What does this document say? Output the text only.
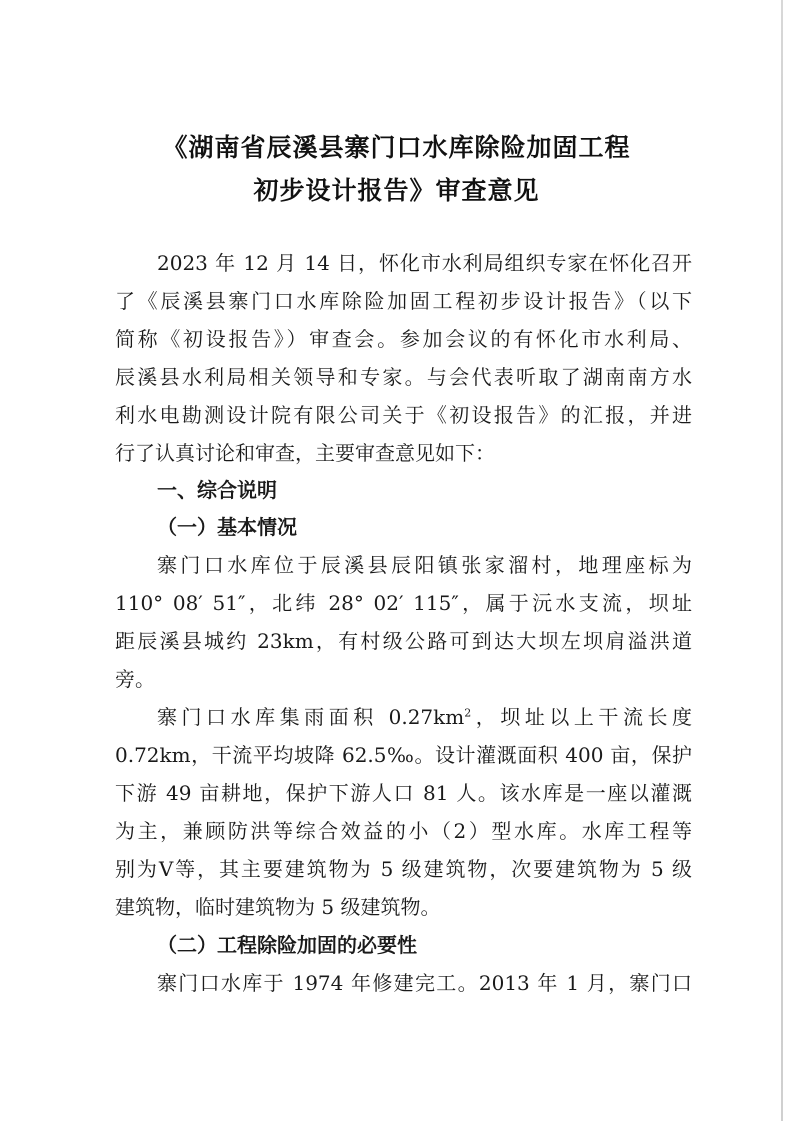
《湖南省辰溪县寨门口水库除险加固工程
初步设计报告》审查意见
2023 年 12 月 14 日，怀化市水利局组织专家在怀化召开
了《辰溪县寨门口水库除险加固工程初步设计报告》（以下
简称《初设报告》）审查会。参加会议的有怀化市水利局、
辰溪县水利局相关领导和专家。与会代表听取了湖南南方水
利水电勘测设计院有限公司关于《初设报告》的汇报，并进
行了认真讨论和审查，主要审查意见如下：
一、综合说明
（一）基本情况
寨门口水库位于辰溪县辰阳镇张家溜村，地理座标为
110° 08′ 51″，北纬 28° 02′ 115″，属于沅水支流，坝址
距辰溪县城约 23km，有村级公路可到达大坝左坝肩溢洪道
旁。
寨门口水库集雨面积 $0.27km^2$，坝址以上干流长度
0.72km，干流平均坡降 62.5‰。设计灌溉面积 400 亩，保护
下游 49 亩耕地，保护下游人口 81 人。该水库是一座以灌溉
为主，兼顾防洪等综合效益的小（2）型水库。水库工程等
别为Ⅴ等，其主要建筑物为 5 级建筑物，次要建筑物为 5 级
建筑物，临时建筑物为 5 级建筑物。
（二）工程除险加固的必要性
寨门口水库于 1974 年修建完工。2013 年 1 月，寨门口
